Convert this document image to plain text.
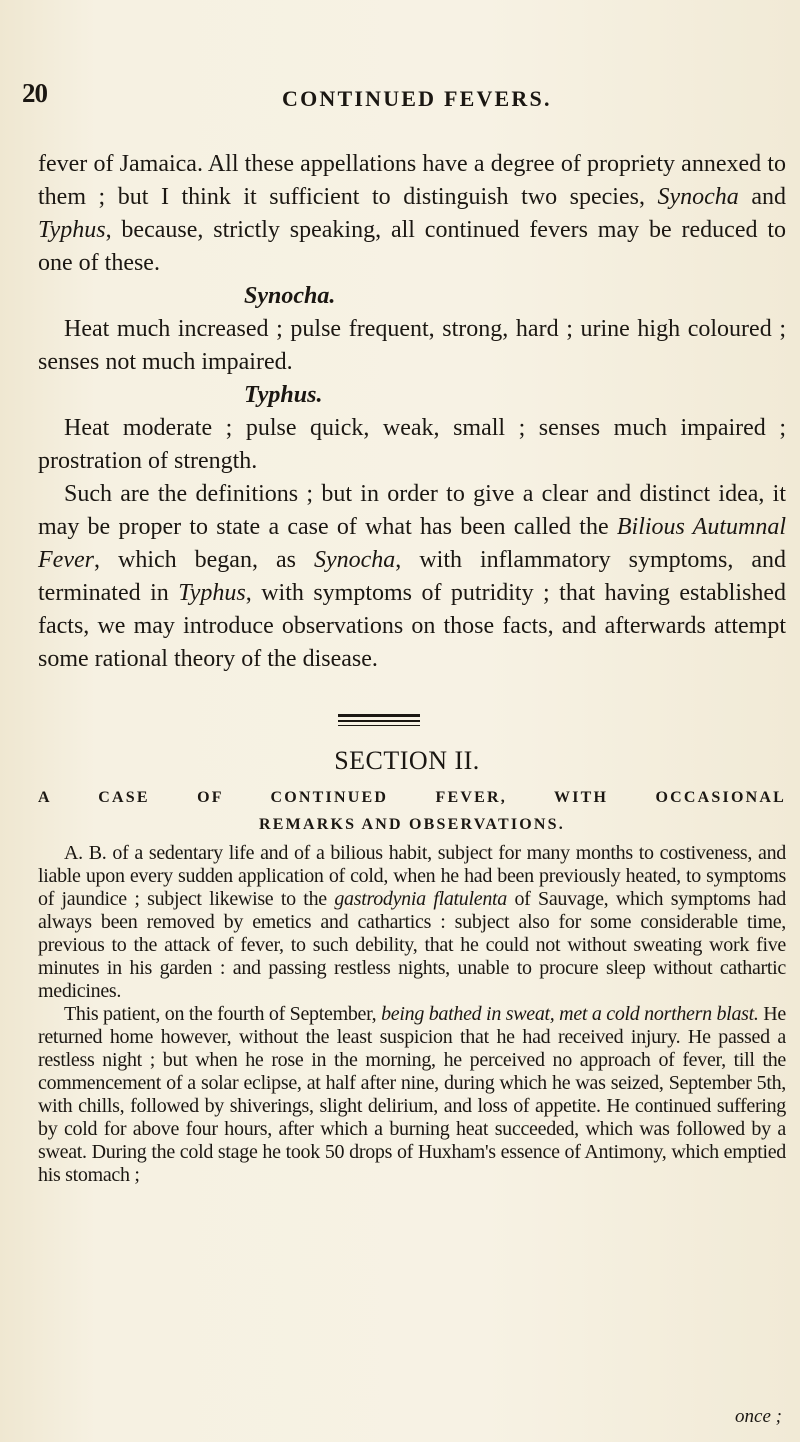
20	CONTINUED FEVERS.

fever of Jamaica. All these appellations have a degree of propriety annexed to them ; but I think it sufficient to distinguish two species, Synocha and Typhus, because, strictly speaking, all continued fevers may be reduced to one of these.

Synocha.

Heat much increased ; pulse frequent, strong, hard ; urine high coloured ; senses not much impaired.

Typhus.

Heat moderate ; pulse quick, weak, small ; senses much impaired ; prostration of strength.

Such are the definitions ; but in order to give a clear and distinct idea, it may be proper to state a case of what has been called the Bilious Autumnal Fever, which began, as Synocha, with inflammatory symptoms, and terminated in Typhus, with symptoms of putridity ; that having established facts, we may introduce observations on those facts, and afterwards attempt some rational theory of the disease.

SECTION II.

A CASE OF CONTINUED FEVER, WITH OCCASIONAL
REMARKS AND OBSERVATIONS.

A. B. of a sedentary life and of a bilious habit, subject for many months to costiveness, and liable upon every sudden application of cold, when he had been previously heated, to symptoms of jaundice ; subject likewise to the gastrodynia flatulenta of Sauvage, which symptoms had always been removed by emetics and cathartics : subject also for some considerable time, previous to the attack of fever, to such debility, that he could not without sweating work five minutes in his garden : and passing restless nights, unable to procure sleep without cathartic medicines.

This patient, on the fourth of September, being bathed in sweat, met a cold northern blast. He returned home however, without the least suspicion that he had received injury. He passed a restless night ; but when he rose in the morning, he perceived no approach of fever, till the commencement of a solar eclipse, at half after nine, during which he was seized, September 5th, with chills, followed by shiverings, slight delirium, and loss of appetite. He continued suffering by cold for above four hours, after which a burning heat succeeded, which was followed by a sweat. During the cold stage he took 50 drops of Huxham's essence of Antimony, which emptied his stomach ;

once ;
